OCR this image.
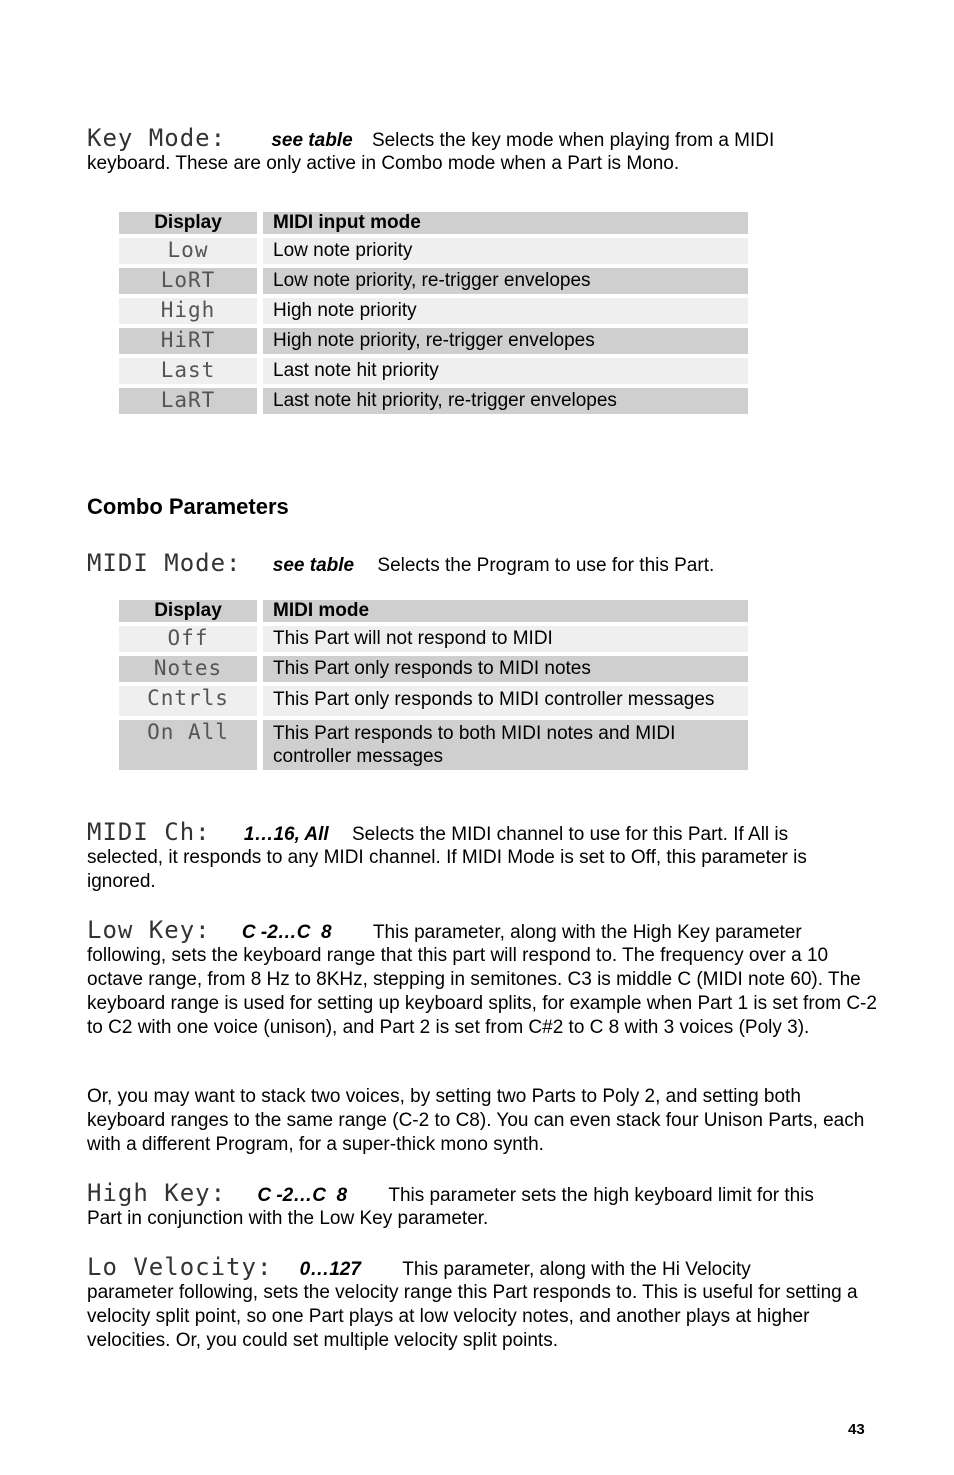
Key Mode: see table Selects the key mode when playing from a MIDI
keyboard. These are only active in Combo mode when a Part is Mono.
Display		MIDI input mode
Low		Low note priority
LoRT		Low note priority, re-trigger envelopes
High		High note priority
HiRT		High note priority, re-trigger envelopes
Last		Last note hit priority
LaRT		Last note hit priority, re-trigger envelopes
Combo Parameters
MIDI Mode: see table Selects the Program to use for this Part.
Display		MIDI mode
Off		This Part will not respond to MIDI
Notes		This Part only responds to MIDI notes
Cntrls		This Part only responds to MIDI controller messages
On All		This Part responds to both MIDI notes and MIDI controller messages
MIDI Ch: 1…16, All Selects the MIDI channel to use for this Part. If All is
selected, it responds to any MIDI channel. If MIDI Mode is set to Off, this parameter is ignored.
Low Key: C -2…C  8 This parameter, along with the High Key parameter
following, sets the keyboard range that this part will respond to. The frequency over a 10 octave range, from 8 Hz to 8KHz, stepping in semitones. C3 is middle C (MIDI note 60). The keyboard range is used for setting up keyboard splits, for example when Part 1 is set from C-2 to C2 with one voice (unison), and Part 2 is set from C#2 to C 8 with 3 voices (Poly 3).
Or, you may want to stack two voices, by setting two Parts to Poly 2, and setting both keyboard ranges to the same range (C-2 to C8). You can even stack four Unison Parts, each with a different Program, for a super-thick mono synth.
High Key: C -2…C  8 This parameter sets the high keyboard limit for this
Part in conjunction with the Low Key parameter.
Lo Velocity: 0…127 This parameter, along with the Hi Velocity
parameter following, sets the velocity range this Part responds to. This is useful for setting a velocity split point, so one Part plays at low velocity notes, and another plays at higher velocities. Or, you could set multiple velocity split points.
43
